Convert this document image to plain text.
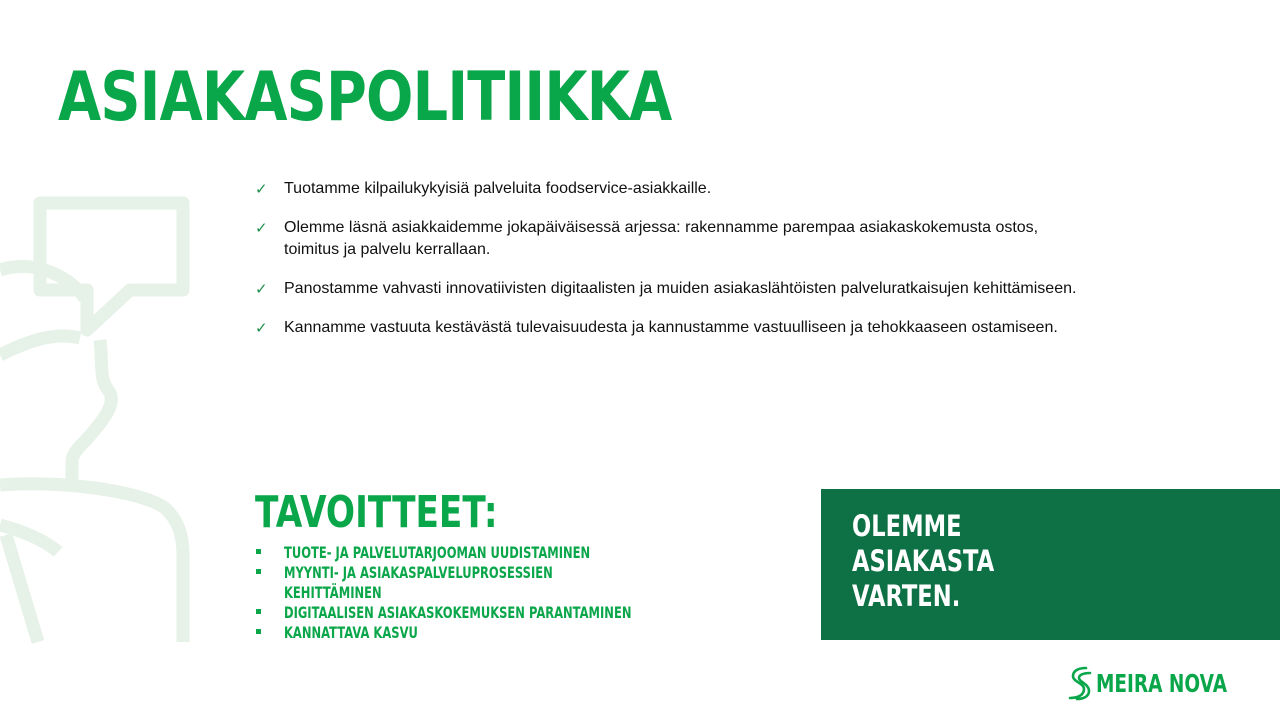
ASIAKASPOLITIIKKA
✓ Tuotamme kilpailukykyisiä palveluita foodservice-asiakkaille.
✓ Olemme läsnä asiakkaidemme jokapäiväisessä arjessa: rakennamme parempaa asiakaskokemusta ostos, toimitus ja palvelu kerrallaan.
✓ Panostamme vahvasti innovatiivisten digitaalisten ja muiden asiakaslähtöisten palveluratkaisujen kehittämiseen.
✓ Kannamme vastuuta kestävästä tulevaisuudesta ja kannustamme vastuulliseen ja tehokkaaseen ostamiseen.
TAVOITTEET:
TUOTE- JA PALVELUTARJOOMAN UUDISTAMINEN
MYYNTI- JA ASIAKASPALVELUPROSESSIEN KEHITTÄMINEN
DIGITAALISEN ASIAKASKOKEMUKSEN PARANTAMINEN
KANNATTAVA KASVU

OLEMME ASIAKASTA VARTEN.

MEIRA NOVA
